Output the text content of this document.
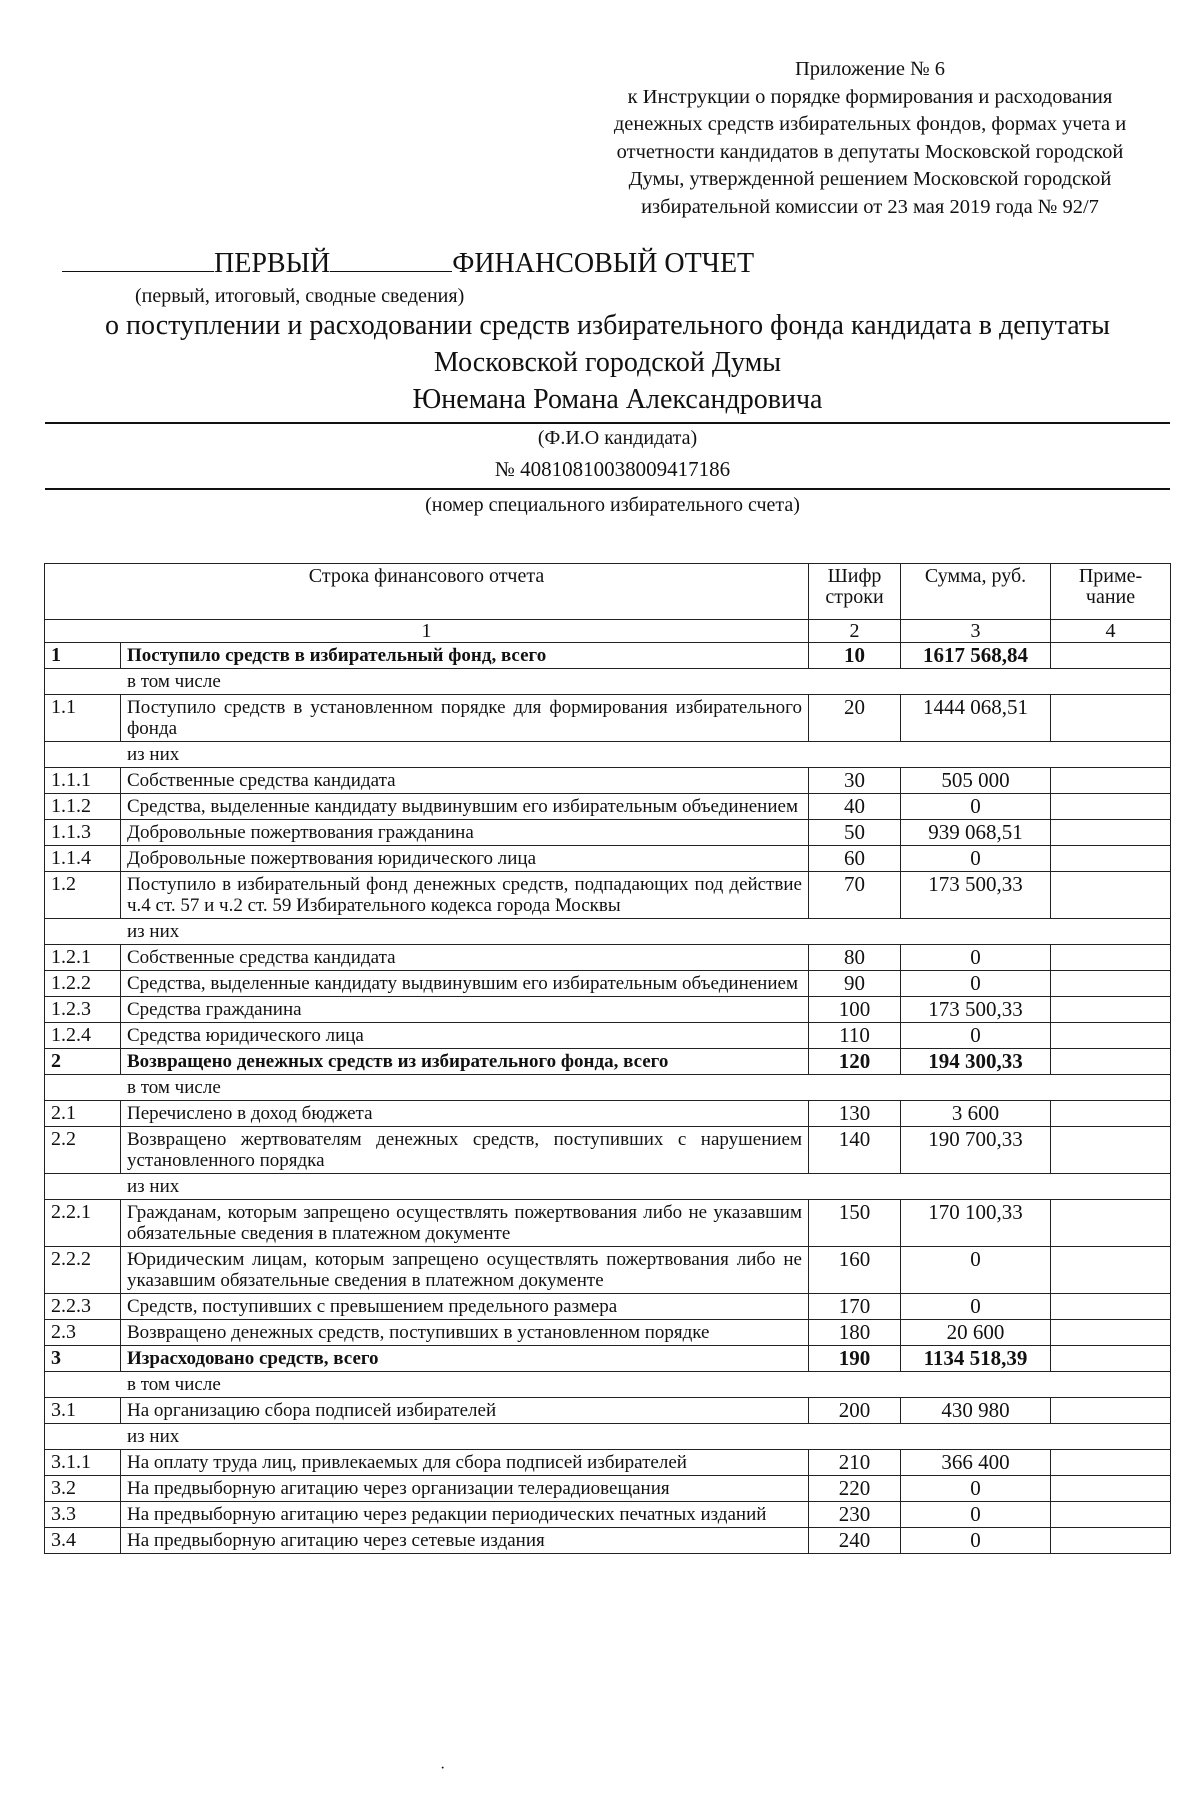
Приложение № 6
к Инструкции о порядке формирования и расходования
денежных средств избирательных фондов, формах учета и
отчетности кандидатов в депутаты Московской городской
Думы, утвержденной решением Московской городской
избирательной комиссии от 23 мая 2019 года № 92/7
ПЕРВЫЙ	ФИНАНСОВЫЙ ОТЧЕТ
(первый, итоговый, сводные сведения)
о поступлении и расходовании средств избирательного фонда кандидата в депутаты
Московской городской Думы
Юнемана Романа Александровича
(Ф.И.О кандидата)
№ 40810810038009417186
(номер специального избирательного счета)
Строка финансового отчета		Шифр строки	Сумма, руб.	Приме-чание
1		2	3	4
1	Поступило средств в избирательный фонд, всего	10	1617 568,84	
в том числе				
1.1	Поступило средств в установленном порядке для формирования избирательного фонда	20	1444 068,51	
из них				
1.1.1	Собственные средства кандидата	30	505 000	
1.1.2	Средства, выделенные кандидату выдвинувшим его избирательным объединением	40	0	
1.1.3	Добровольные пожертвования гражданина	50	939 068,51	
1.1.4	Добровольные пожертвования юридического лица	60	0	
1.2	Поступило в избирательный фонд денежных средств, подпадающих под действие ч.4 ст. 57 и ч.2 ст. 59 Избирательного кодекса города Москвы	70	173 500,33	
из них				
1.2.1	Собственные средства кандидата	80	0	
1.2.2	Средства, выделенные кандидату выдвинувшим его избирательным объединением	90	0	
1.2.3	Средства гражданина	100	173 500,33	
1.2.4	Средства юридического лица	110	0	
2	Возвращено денежных средств из избирательного фонда, всего	120	194 300,33	
в том числе				
2.1	Перечислено в доход бюджета	130	3 600	
2.2	Возвращено жертвователям денежных средств, поступивших с нарушением установленного порядка	140	190 700,33	
из них				
2.2.1	Гражданам, которым запрещено осуществлять пожертвования либо не указавшим обязательные сведения в платежном документе	150	170 100,33	
2.2.2	Юридическим лицам, которым запрещено осуществлять пожертвования либо не указавшим обязательные сведения в платежном документе	160	0	
2.2.3	Средств, поступивших с превышением предельного размера	170	0	
2.3	Возвращено денежных средств, поступивших в установленном порядке	180	20 600	
3	Израсходовано средств, всего	190	1134 518,39	
в том числе				
3.1	На организацию сбора подписей избирателей	200	430 980	
из них				
3.1.1	На оплату труда лиц, привлекаемых для сбора подписей избирателей	210	366 400	
3.2	На предвыборную агитацию через организации телерадиовещания	220	0	
3.3	На предвыборную агитацию через редакции периодических печатных изданий	230	0	
3.4	На предвыборную агитацию через сетевые издания	240	0	
·
